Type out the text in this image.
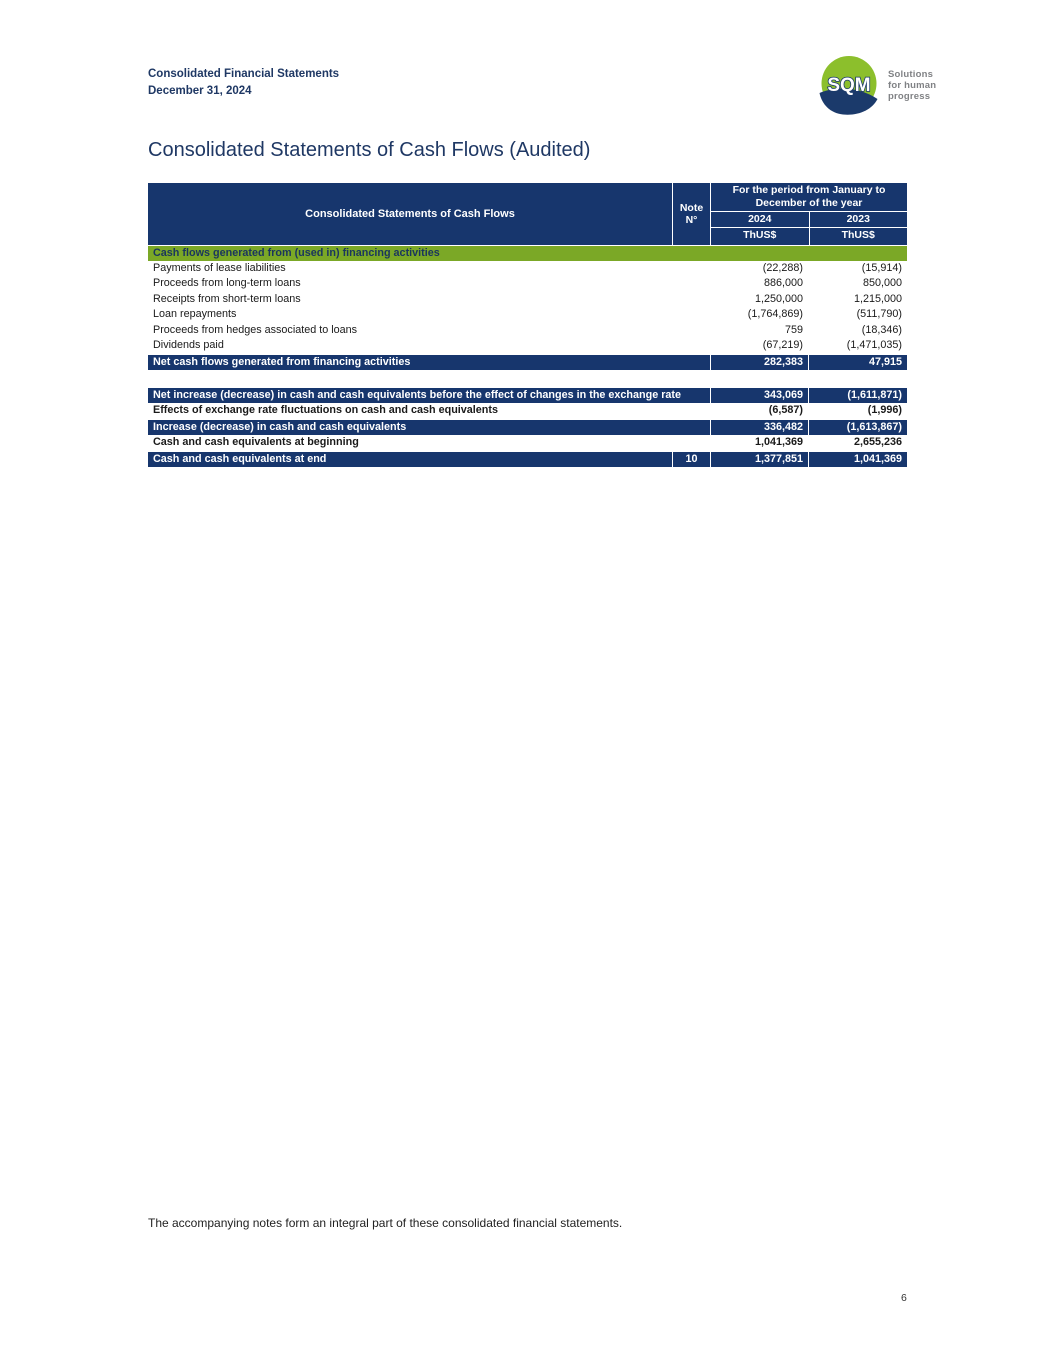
Consolidated Financial Statements
December 31, 2024	SQM
Solutions
for human
progress
Consolidated Statements of Cash Flows (Audited)
Consolidated Statements of Cash Flows	Note
N°
For the period from January to December of the year
2024	2023
ThUS$	ThUS$
Cash flows generated from (used in) financing activities
Payments of lease liabilities	(22,288)	(15,914)
Proceeds from long-term loans	886,000	850,000
Receipts from short-term loans	1,250,000	1,215,000
Loan repayments	(1,764,869)	(511,790)
Proceeds from hedges associated to loans	759	(18,346)
Dividends paid	(67,219)	(1,471,035)
Net cash flows generated from financing activities	282,383	47,915
Net increase (decrease) in cash and cash equivalents before the effect of changes in the exchange rate	343,069	(1,611,871)
Effects of exchange rate fluctuations on cash and cash equivalents	(6,587)	(1,996)
Increase (decrease) in cash and cash equivalents	336,482	(1,613,867)
Cash and cash equivalents at beginning	1,041,369	2,655,236
Cash and cash equivalents at end	10	1,377,851	1,041,369
The accompanying notes form an integral part of these consolidated financial statements.
6
